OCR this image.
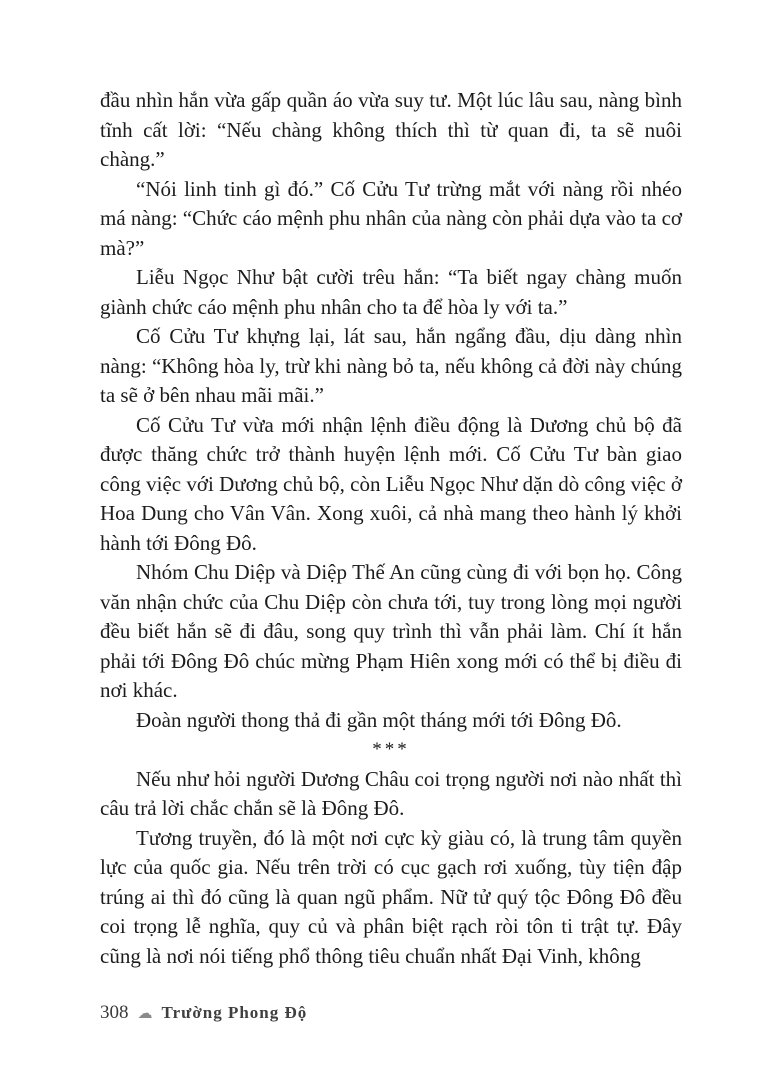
đầu nhìn hắn vừa gấp quần áo vừa suy tư. Một lúc lâu sau, nàng bình tĩnh cất lời: “Nếu chàng không thích thì từ quan đi, ta sẽ nuôi chàng.”

“Nói linh tinh gì đó.” Cố Cửu Tư trừng mắt với nàng rồi nhéo má nàng: “Chức cáo mệnh phu nhân của nàng còn phải dựa vào ta cơ mà?”

Liễu Ngọc Như bật cười trêu hắn: “Ta biết ngay chàng muốn giành chức cáo mệnh phu nhân cho ta để hòa ly với ta.”

Cố Cửu Tư khựng lại, lát sau, hắn ngẩng đầu, dịu dàng nhìn nàng: “Không hòa ly, trừ khi nàng bỏ ta, nếu không cả đời này chúng ta sẽ ở bên nhau mãi mãi.”

Cố Cửu Tư vừa mới nhận lệnh điều động là Dương chủ bộ đã được thăng chức trở thành huyện lệnh mới. Cố Cửu Tư bàn giao công việc với Dương chủ bộ, còn Liễu Ngọc Như dặn dò công việc ở Hoa Dung cho Vân Vân. Xong xuôi, cả nhà mang theo hành lý khởi hành tới Đông Đô.

Nhóm Chu Diệp và Diệp Thế An cũng cùng đi với bọn họ. Công văn nhận chức của Chu Diệp còn chưa tới, tuy trong lòng mọi người đều biết hắn sẽ đi đâu, song quy trình thì vẫn phải làm. Chí ít hắn phải tới Đông Đô chúc mừng Phạm Hiên xong mới có thể bị điều đi nơi khác.

Đoàn người thong thả đi gần một tháng mới tới Đông Đô.

***

Nếu như hỏi người Dương Châu coi trọng người nơi nào nhất thì câu trả lời chắc chắn sẽ là Đông Đô.

Tương truyền, đó là một nơi cực kỳ giàu có, là trung tâm quyền lực của quốc gia. Nếu trên trời có cục gạch rơi xuống, tùy tiện đập trúng ai thì đó cũng là quan ngũ phẩm. Nữ tử quý tộc Đông Đô đều coi trọng lễ nghĩa, quy củ và phân biệt rạch ròi tôn ti trật tự. Đây cũng là nơi nói tiếng phổ thông tiêu chuẩn nhất Đại Vinh, không

308 ☁ Trường Phong Độ
